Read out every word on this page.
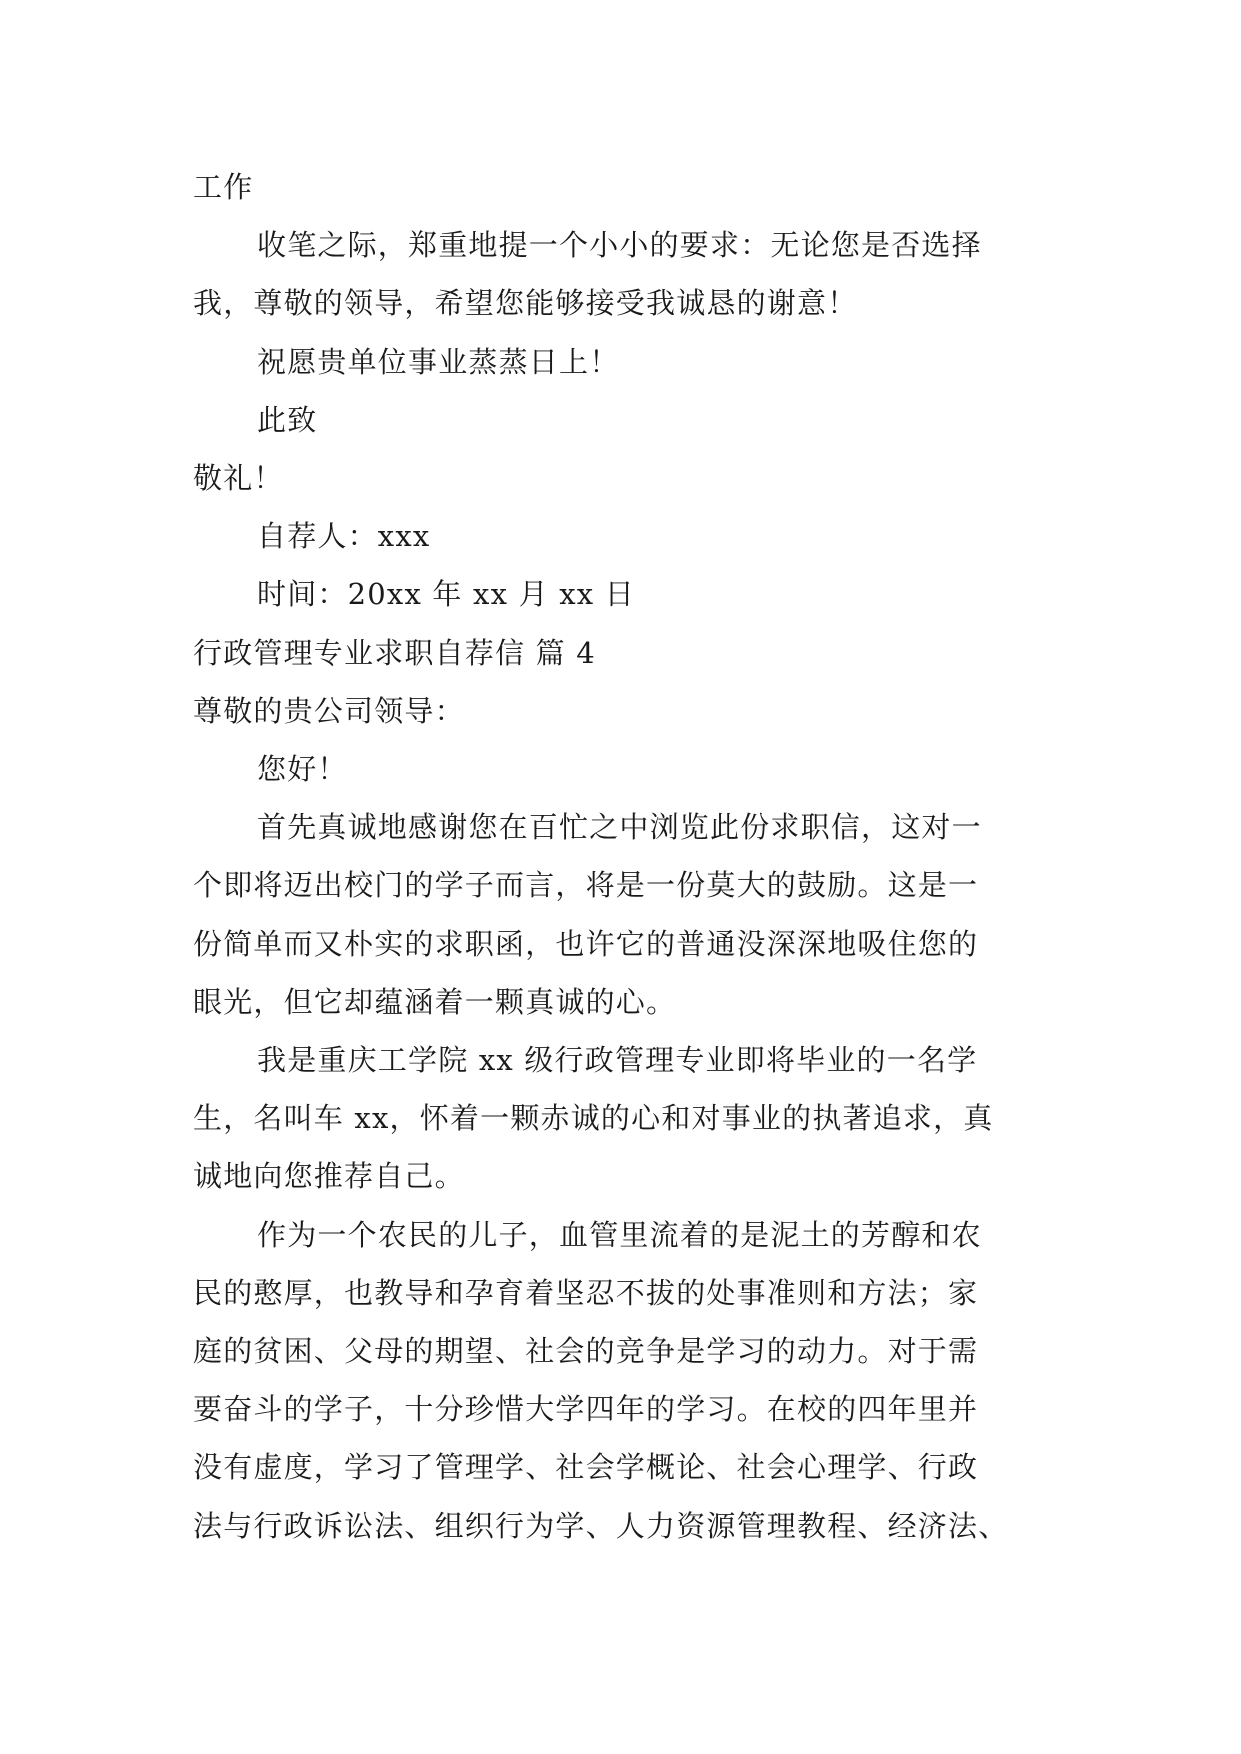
工作

收笔之际，郑重地提一个小小的要求：无论您是否选择

我，尊敬的领导，希望您能够接受我诚恳的谢意！

祝愿贵单位事业蒸蒸日上！

此致

敬礼！

自荐人：xxx

时间：20xx 年 xx 月 xx 日

行政管理专业求职自荐信 篇 4

尊敬的贵公司领导：

您好！

首先真诚地感谢您在百忙之中浏览此份求职信，这对一

个即将迈出校门的学子而言，将是一份莫大的鼓励。这是一

份简单而又朴实的求职函，也许它的普通没深深地吸住您的

眼光，但它却蕴涵着一颗真诚的心。

我是重庆工学院 xx 级行政管理专业即将毕业的一名学

生，名叫车 xx，怀着一颗赤诚的心和对事业的执著追求，真

诚地向您推荐自己。

作为一个农民的儿子，血管里流着的是泥土的芳醇和农

民的憨厚，也教导和孕育着坚忍不拔的处事准则和方法；家

庭的贫困、父母的期望、社会的竞争是学习的动力。对于需

要奋斗的学子，十分珍惜大学四年的学习。在校的四年里并

没有虚度，学习了管理学、社会学概论、社会心理学、行政

法与行政诉讼法、组织行为学、人力资源管理教程、经济法、
